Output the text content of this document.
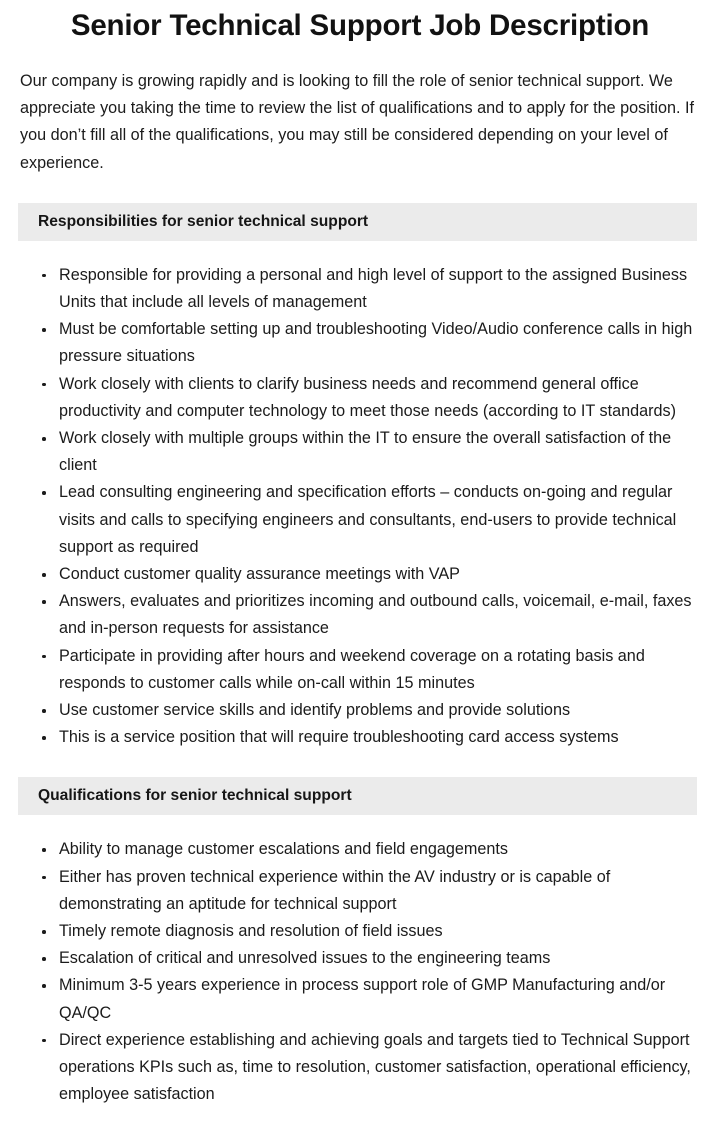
Senior Technical Support Job Description

Our company is growing rapidly and is looking to fill the role of senior technical support. We appreciate you taking the time to review the list of qualifications and to apply for the position. If you don’t fill all of the qualifications, you may still be considered depending on your level of experience.

Responsibilities for senior technical support
Responsible for providing a personal and high level of support to the assigned Business Units that include all levels of management
Must be comfortable setting up and troubleshooting Video/Audio conference calls in high pressure situations
Work closely with clients to clarify business needs and recommend general office productivity and computer technology to meet those needs (according to IT standards)
Work closely with multiple groups within the IT to ensure the overall satisfaction of the client
Lead consulting engineering and specification efforts – conducts on-going and regular visits and calls to specifying engineers and consultants, end-users to provide technical support as required
Conduct customer quality assurance meetings with VAP
Answers, evaluates and prioritizes incoming and outbound calls, voicemail, e-mail, faxes and in-person requests for assistance
Participate in providing after hours and weekend coverage on a rotating basis and responds to customer calls while on-call within 15 minutes
Use customer service skills and identify problems and provide solutions
This is a service position that will require troubleshooting card access systems
Qualifications for senior technical support
Ability to manage customer escalations and field engagements
Either has proven technical experience within the AV industry or is capable of demonstrating an aptitude for technical support
Timely remote diagnosis and resolution of field issues
Escalation of critical and unresolved issues to the engineering teams
Minimum 3-5 years experience in process support role of GMP Manufacturing and/or QA/QC
Direct experience establishing and achieving goals and targets tied to Technical Support operations KPIs such as, time to resolution, customer satisfaction, operational efficiency, employee satisfaction
